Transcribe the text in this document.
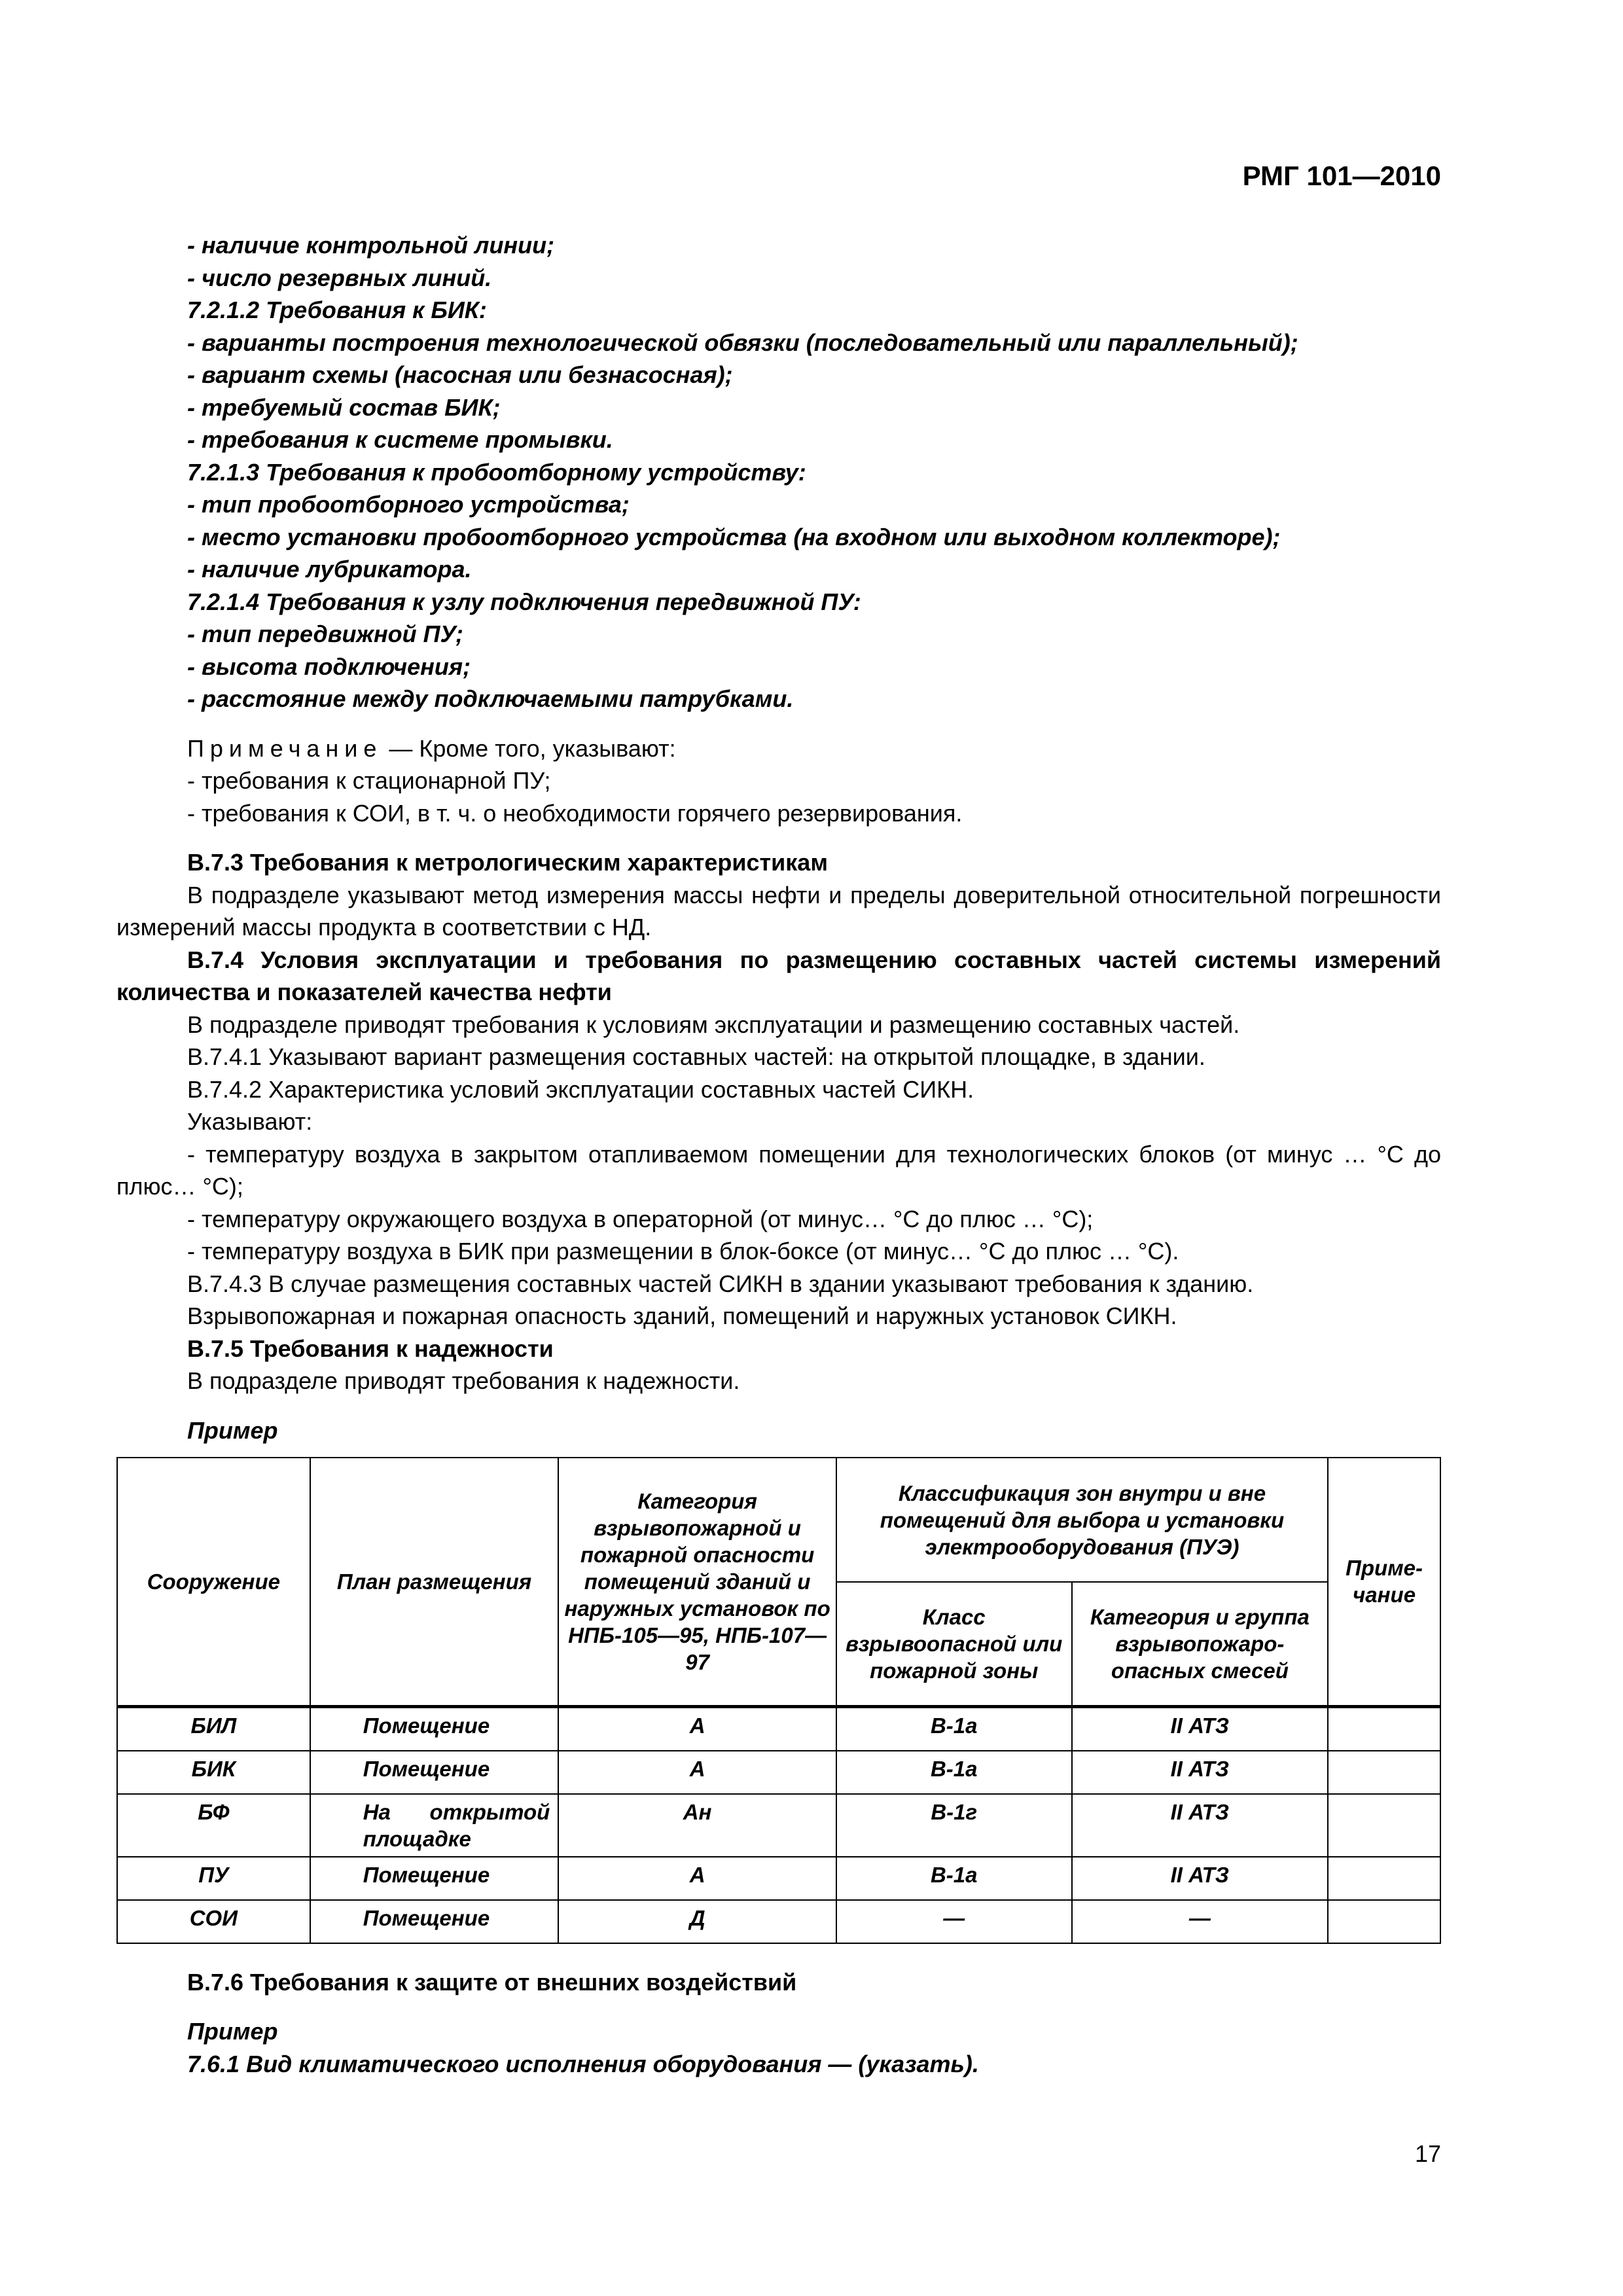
РМГ 101—2010
- наличие контрольной линии;
- число резервных линий.
7.2.1.2 Требования к БИК:
- варианты построения технологической обвязки (последовательный или параллельный);
- вариант схемы (насосная или безнасосная);
- требуемый состав БИК;
- требования к системе промывки.
7.2.1.3 Требования к пробоотборному устройству:
- тип пробоотборного устройства;
- место установки пробоотборного устройства (на входном или выходном коллекторе);
- наличие лубрикатора.
7.2.1.4 Требования к узлу подключения передвижной ПУ:
- тип передвижной ПУ;
- высота подключения;
- расстояние между подключаемыми патрубками.
Примечание — Кроме того, указывают:
- требования к стационарной ПУ;
- требования к СОИ, в т. ч. о необходимости горячего резервирования.
В.7.3 Требования к метрологическим характеристикам
В подразделе указывают метод измерения массы нефти и пределы доверительной относительной погрешности измерений массы продукта в соответствии с НД.
В.7.4 Условия эксплуатации и требования по размещению составных частей системы измерений количества и показателей качества нефти
В подразделе приводят требования к условиям эксплуатации и размещению составных частей.
В.7.4.1 Указывают вариант размещения составных частей: на открытой площадке, в здании.
В.7.4.2 Характеристика условий эксплуатации составных частей СИКН.
Указывают:
- температуру воздуха в закрытом отапливаемом помещении для технологических блоков (от минус … °С до плюс… °С);
- температуру окружающего воздуха в операторной (от минус… °С до плюс … °С);
- температуру воздуха в БИК при размещении в блок-боксе (от минус… °С до плюс … °С).
В.7.4.3 В случае размещения составных частей СИКН в здании указывают требования к зданию.
Взрывопожарная и пожарная опасность зданий, помещений и наружных установок СИКН.
В.7.5 Требования к надежности
В подразделе приводят требования к надежности.
Пример
Сооружение	План размещения	Категория взрывопожарной и пожарной опасности помещений зданий и наружных установок по НПБ-105—95, НПБ-107—97	Классификация зон внутри и вне помещений для выбора и установки электрооборудования (ПУЭ)		Приме-чание
			Класс взрывоопасной или пожарной зоны	Категория и группа взрывопожаро-опасных смесей	
БИЛ	Помещение	А	В-1а	II АТЗ	
БИК	Помещение	А	В-1а	II АТЗ	
БФ	На открытой площадке	Ан	В-1г	II АТЗ	
ПУ	Помещение	А	В-1а	II АТЗ	
СОИ	Помещение	Д	—	—	
В.7.6 Требования к защите от внешних воздействий
Пример
7.6.1 Вид климатического исполнения оборудования — (указать).
17
